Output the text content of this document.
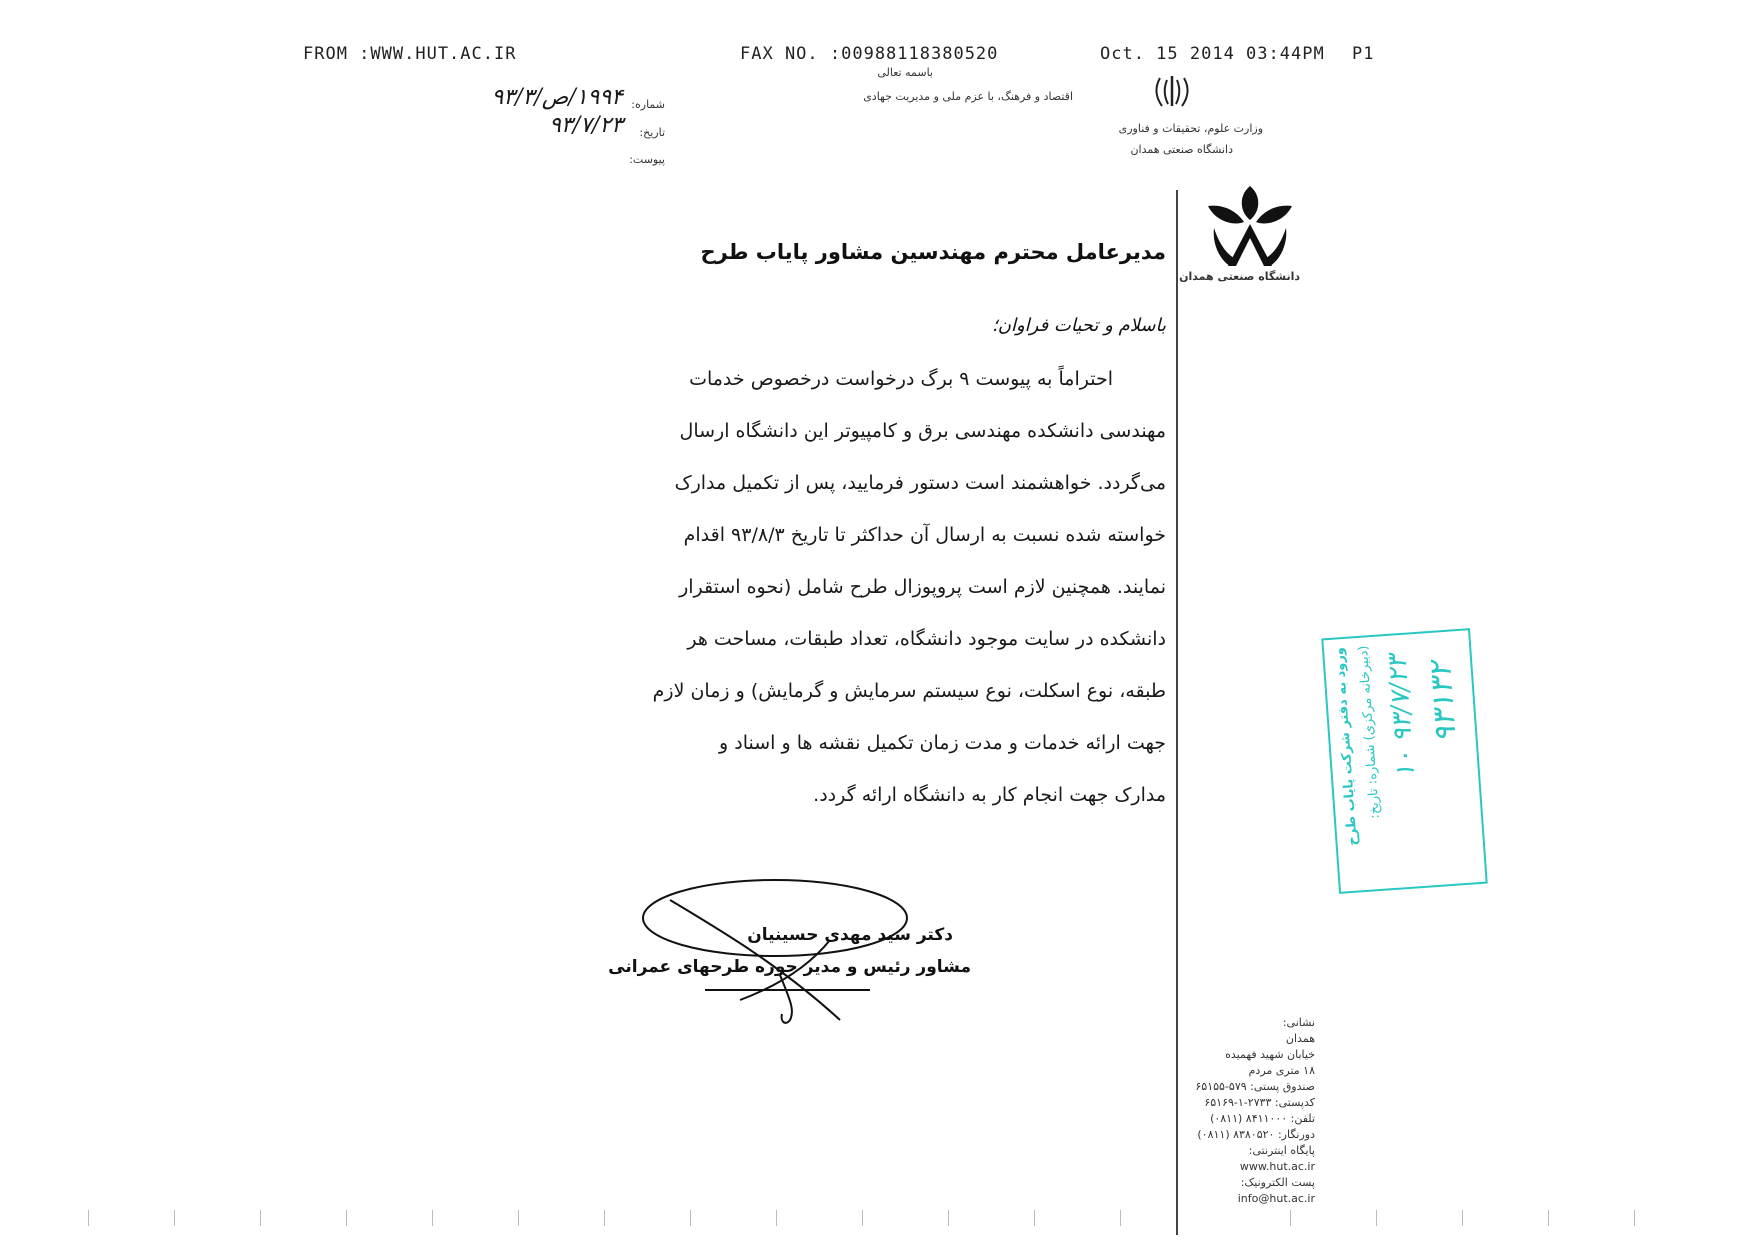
FROM :WWW.HUT.AC.IR	FAX NO. :00988118380520	Oct. 15 2014 03:44PM P1
باسمه تعالی
اقتصاد و فرهنگ، با عزم ملی و مدیریت جهادی
وزارت علوم، تحقیقات و فناوری
دانشگاه صنعتی همدان
شماره:
۱۹۹۴/ص/۹۳/۳
تاریخ:
۹۳/۷/۲۳
پیوست:
دانشگاه صنعتی همدان
مدیرعامل محترم مهندسین مشاور پایاب طرح
باسلام و تحیات فراوان؛
احتراماً به پیوست ۹ برگ درخواست درخصوص خدمات
مهندسی دانشکده مهندسی برق و کامپیوتر این دانشگاه ارسال
می‌گردد. خواهشمند است دستور فرمایید، پس از تکمیل مدارک
خواسته شده نسبت به ارسال آن حداکثر تا تاریخ ۹۳/۸/۳ اقدام
نمایند. همچنین لازم است پروپوزال طرح شامل (نحوه استقرار
دانشکده در سایت موجود دانشگاه، تعداد طبقات، مساحت هر
طبقه، نوع اسکلت، نوع سیستم سرمایش و گرمایش) و زمان لازم
جهت ارائه خدمات و مدت زمان تکمیل نقشه ها و اسناد و
مدارک جهت انجام کار به دانشگاه ارائه گردد.
دکتر سید مهدی حسینیان
مشاور رئیس و مدیر حوزه طرحهای عمرانی
ورود به دفتر شرکت پایاب طرح
(دبیرخانه مرکزی) شماره: تاریخ: ۹۳/۷/۲۳ ۱۰ ۹۳۱۳۲
نشانی:
همدان
خیابان شهید فهمیده
۱۸ متری مردم
صندوق پستی: ۵۷۹-۶۵۱۵۵
کدپستی: ۲۷۳۳-۱-۶۵۱۶۹
تلفن: ۸۴۱۱۰۰۰ (۰۸۱۱)
دورنگار: ۸۳۸۰۵۲۰ (۰۸۱۱)
پایگاه اینترنتی:
www.hut.ac.ir
پست الکترونیک:
info@hut.ac.ir
